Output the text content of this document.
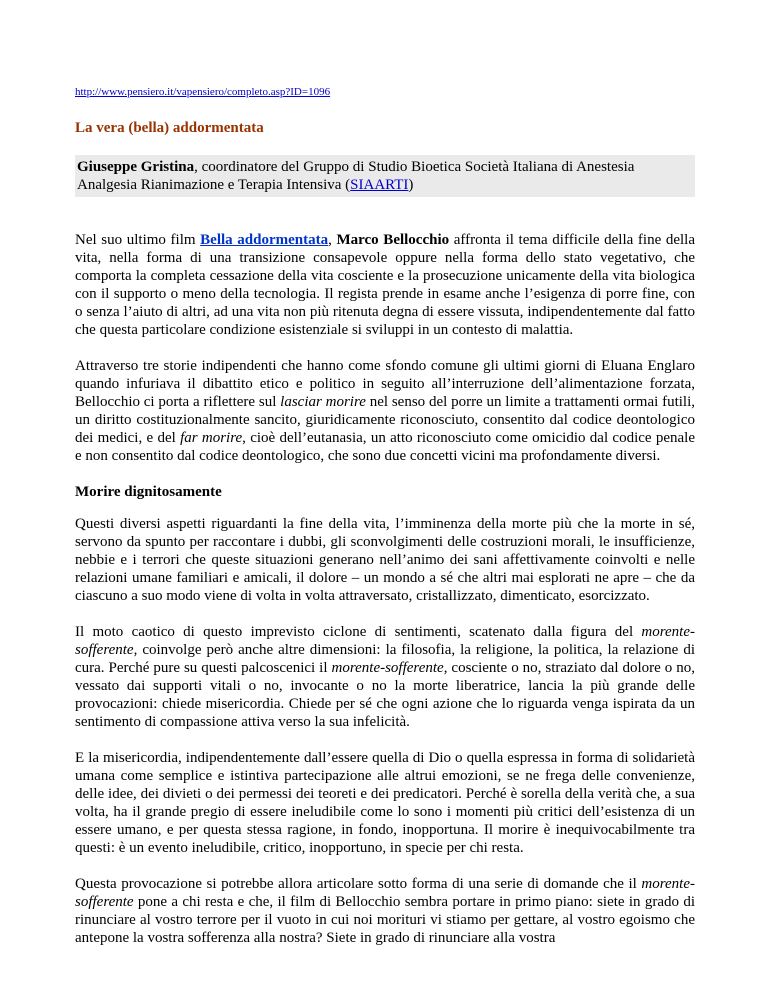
http://www.pensiero.it/vapensiero/completo.asp?ID=1096
La vera (bella) addormentata
Giuseppe Gristina, coordinatore del Gruppo di Studio Bioetica Società Italiana di Anestesia Analgesia Rianimazione e Terapia Intensiva (SIAARTI)

Nel suo ultimo film Bella addormentata, Marco Bellocchio affronta il tema difficile della fine della vita, nella forma di una transizione consapevole oppure nella forma dello stato vegetativo, che comporta la completa cessazione della vita cosciente e la prosecuzione unicamente della vita biologica con il supporto o meno della tecnologia. Il regista prende in esame anche l’esigenza di porre fine, con o senza l’aiuto di altri, ad una vita non più ritenuta degna di essere vissuta, indipendentemente dal fatto che questa particolare condizione esistenziale si sviluppi in un contesto di malattia.

Attraverso tre storie indipendenti che hanno come sfondo comune gli ultimi giorni di Eluana Englaro quando infuriava il dibattito etico e politico in seguito all’interruzione dell’alimentazione forzata, Bellocchio ci porta a riflettere sul lasciar morire nel senso del porre un limite a trattamenti ormai futili, un diritto costituzionalmente sancito, giuridicamente riconosciuto, consentito dal codice deontologico dei medici, e del far morire, cioè dell’eutanasia, un atto riconosciuto come omicidio dal codice penale e non consentito dal codice deontologico, che sono due concetti vicini ma profondamente diversi.

Morire dignitosamente

Questi diversi aspetti riguardanti la fine della vita, l’imminenza della morte più che la morte in sé, servono da spunto per raccontare i dubbi, gli sconvolgimenti delle costruzioni morali, le insufficienze, nebbie e i terrori che queste situazioni generano nell’animo dei sani affettivamente coinvolti e nelle relazioni umane familiari e amicali, il dolore – un mondo a sé che altri mai esplorati ne apre – che da ciascuno a suo modo viene di volta in volta attraversato, cristallizzato, dimenticato, esorcizzato.

Il moto caotico di questo imprevisto ciclone di sentimenti, scatenato dalla figura del morente-sofferente, coinvolge però anche altre dimensioni: la filosofia, la religione, la politica, la relazione di cura. Perché pure su questi palcoscenici il morente-sofferente, cosciente o no, straziato dal dolore o no, vessato dai supporti vitali o no, invocante o no la morte liberatrice, lancia la più grande delle provocazioni: chiede misericordia. Chiede per sé che ogni azione che lo riguarda venga ispirata da un sentimento di compassione attiva verso la sua infelicità.

E la misericordia, indipendentemente dall’essere quella di Dio o quella espressa in forma di solidarietà umana come semplice e istintiva partecipazione alle altrui emozioni, se ne frega delle convenienze, delle idee, dei divieti o dei permessi dei teoreti e dei predicatori. Perché è sorella della verità che, a sua volta, ha il grande pregio di essere ineludibile come lo sono i momenti più critici dell’esistenza di un essere umano, e per questa stessa ragione, in fondo, inopportuna. Il morire è inequivocabilmente tra questi: è un evento ineludibile, critico, inopportuno, in specie per chi resta.

Questa provocazione si potrebbe allora articolare sotto forma di una serie di domande che il morente-sofferente pone a chi resta e che, il film di Bellocchio sembra portare in primo piano: siete in grado di rinunciare al vostro terrore per il vuoto in cui noi morituri vi stiamo per gettare, al vostro egoismo che antepone la vostra sofferenza alla nostra? Siete in grado di rinunciare alla vostra
